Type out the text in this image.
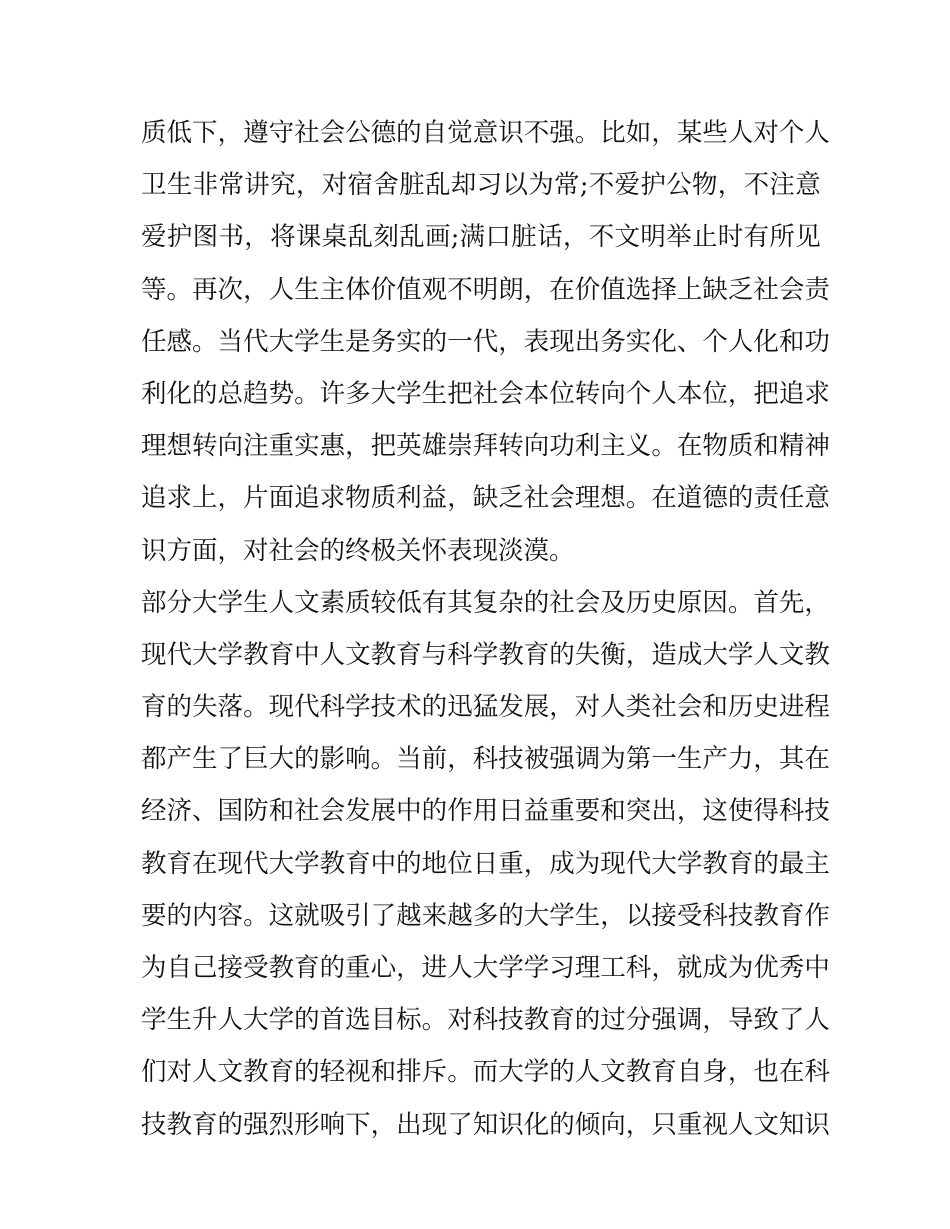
质 低 下 ， 遵 守 社 会 公 德 的 自 觉 意 识 不 强 。 比 如 ， 某 些 人 对 个 人
卫 生 非 常 讲 究 ， 对 宿 舍 脏 乱 却 习 以 为 常 ; 不 爱 护 公 物 ， 不 注 意
爱 护 图 书 ， 将 课 桌 乱 刻 乱 画 ; 满 口 脏 话 ， 不 文 明 举 止 时 有 所 见
等 。 再 次 ， 人 生 主 体 价 值 观 不 明 朗 ， 在 价 值 选 择 上 缺 乏 社 会 责
任 感 。 当 代 大 学 生 是 务 实 的 一 代 ， 表 现 出 务 实 化 、 个 人 化 和 功
利 化 的 总 趋 势 。 许 多 大 学 生 把 社 会 本 位 转 向 个 人 本 位 ， 把 追 求
理 想 转 向 注 重 实 惠 ， 把 英 雄 崇 拜 转 向 功 利 主 义 。 在 物 质 和 精 神
追 求 上 ， 片 面 追 求 物 质 利 益 ， 缺 乏 社 会 理 想 。 在 道 德 的 责 任 意
识方面，对社会的终极关怀表现淡漠。
部 分 大 学 生 人 文 素 质 较 低 有 其 复 杂 的 社 会 及 历 史 原 因 。 首 先 ，
现 代 大 学 教 育 中 人 文 教 育 与 科 学 教 育 的 失 衡 ， 造 成 大 学 人 文 教
育 的 失 落 。 现 代 科 学 技 术 的 迅 猛 发 展 ， 对 人 类 社 会 和 历 史 进 程
都 产 生 了 巨 大 的 影 响 。 当 前 ， 科 技 被 强 调 为 第 一 生 产 力 ， 其 在
经 济 、 国 防 和 社 会 发 展 中 的 作 用 日 益 重 要 和 突 出 ， 这 使 得 科 技
教 育 在 现 代 大 学 教 育 中 的 地 位 日 重 ， 成 为 现 代 大 学 教 育 的 最 主
要 的 内 容 。 这 就 吸 引 了 越 来 越 多 的 大 学 生 ， 以 接 受 科 技 教 育 作
为 自 己 接 受 教 育 的 重 心 ， 进 人 大 学 学 习 理 工 科 ， 就 成 为 优 秀 中
学 生 升 人 大 学 的 首 选 目 标 。 对 科 技 教 育 的 过 分 强 调 ， 导 致 了 人
们 对 人 文 教 育 的 轻 视 和 排 斥 。 而 大 学 的 人 文 教 育 自 身 ， 也 在 科
技 教 育 的 强 烈 形 响 下 ， 出 现 了 知 识 化 的 倾 向 ， 只 重 视 人 文 知 识
